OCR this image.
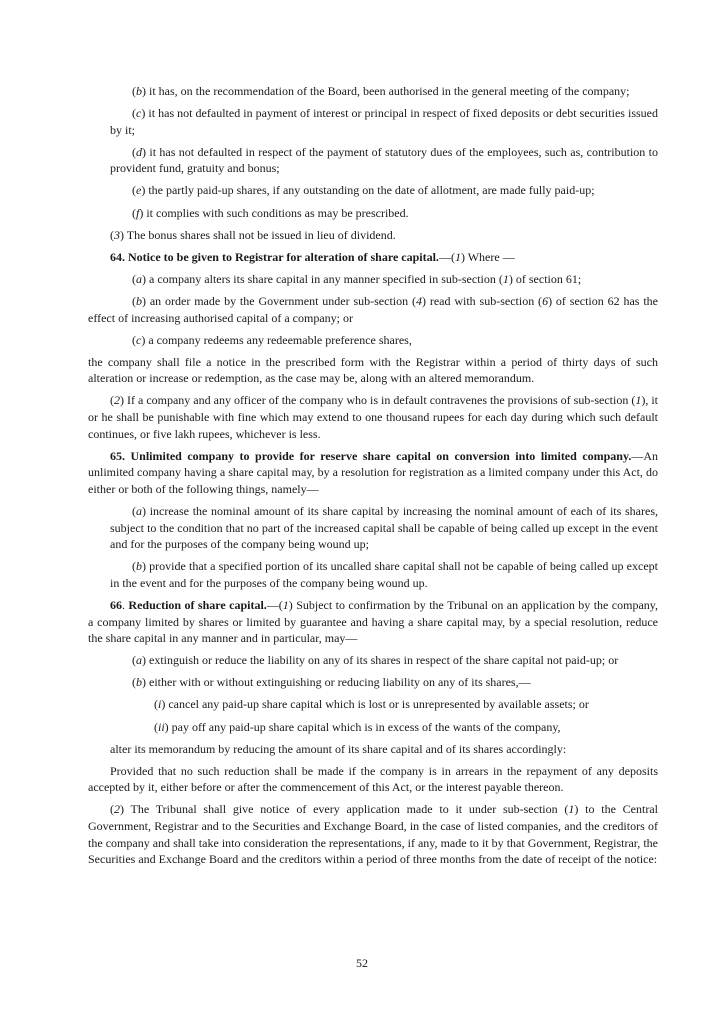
(b) it has, on the recommendation of the Board, been authorised in the general meeting of the company;

(c) it has not defaulted in payment of interest or principal in respect of fixed deposits or debt securities issued by it;

(d) it has not defaulted in respect of the payment of statutory dues of the employees, such as, contribution to provident fund, gratuity and bonus;

(e) the partly paid-up shares, if any outstanding on the date of allotment, are made fully paid-up;

(f) it complies with such conditions as may be prescribed.

(3) The bonus shares shall not be issued in lieu of dividend.

64. Notice to be given to Registrar for alteration of share capital.—(1) Where —

(a) a company alters its share capital in any manner specified in sub-section (1) of section 61;

(b) an order made by the Government under sub-section (4) read with sub-section (6) of section 62 has the effect of increasing authorised capital of a company; or

(c) a company redeems any redeemable preference shares,

the company shall file a notice in the prescribed form with the Registrar within a period of thirty days of such alteration or increase or redemption, as the case may be, along with an altered memorandum.

(2) If a company and any officer of the company who is in default contravenes the provisions of sub-section (1), it or he shall be punishable with fine which may extend to one thousand rupees for each day during which such default continues, or five lakh rupees, whichever is less.

65. Unlimited company to provide for reserve share capital on conversion into limited company.—An unlimited company having a share capital may, by a resolution for registration as a limited company under this Act, do either or both of the following things, namely—

(a) increase the nominal amount of its share capital by increasing the nominal amount of each of its shares, subject to the condition that no part of the increased capital shall be capable of being called up except in the event and for the purposes of the company being wound up;

(b) provide that a specified portion of its uncalled share capital shall not be capable of being called up except in the event and for the purposes of the company being wound up.

66. Reduction of share capital.—(1) Subject to confirmation by the Tribunal on an application by the company, a company limited by shares or limited by guarantee and having a share capital may, by a special resolution, reduce the share capital in any manner and in particular, may—

(a) extinguish or reduce the liability on any of its shares in respect of the share capital not paid-up; or

(b) either with or without extinguishing or reducing liability on any of its shares,—

(i) cancel any paid-up share capital which is lost or is unrepresented by available assets; or

(ii) pay off any paid-up share capital which is in excess of the wants of the company,

alter its memorandum by reducing the amount of its share capital and of its shares accordingly:

Provided that no such reduction shall be made if the company is in arrears in the repayment of any deposits accepted by it, either before or after the commencement of this Act, or the interest payable thereon.

(2) The Tribunal shall give notice of every application made to it under sub-section (1) to the Central Government, Registrar and to the Securities and Exchange Board, in the case of listed companies, and the creditors of the company and shall take into consideration the representations, if any, made to it by that Government, Registrar, the Securities and Exchange Board and the creditors within a period of three months from the date of receipt of the notice:

52
